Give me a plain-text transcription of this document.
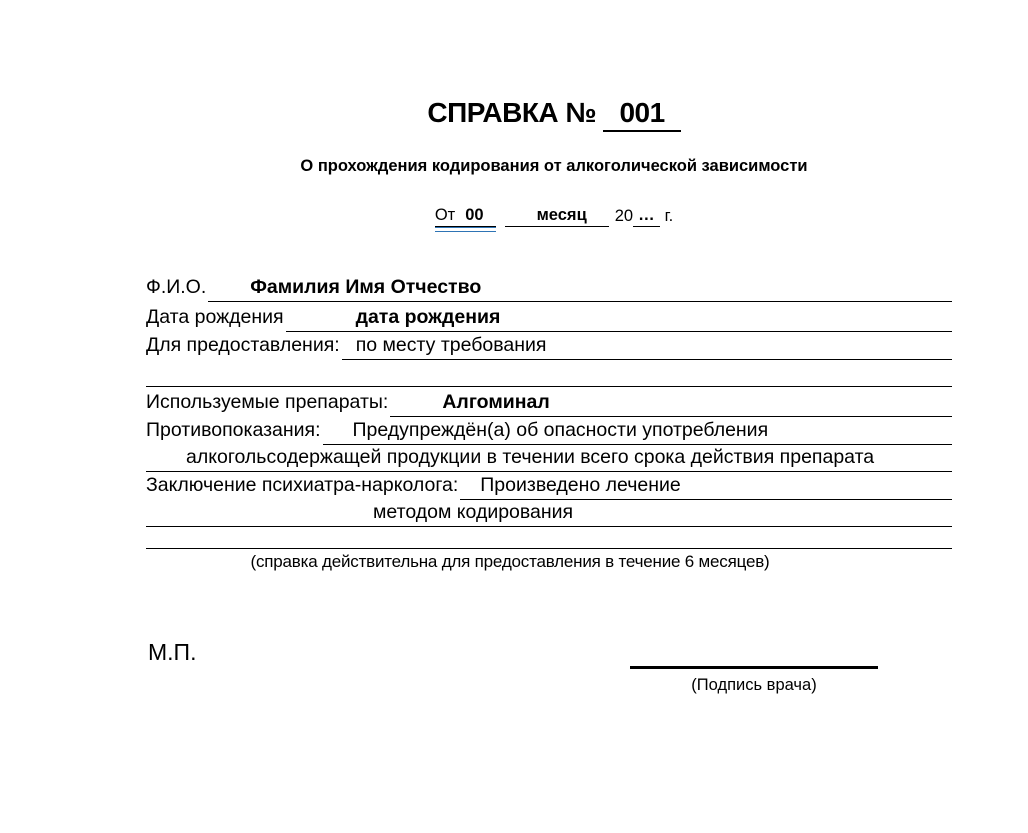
СПРАВКА № 001
О прохождения кодирования от алкоголической зависимости
От 00	месяц 20 … г.
Ф.И.О. Фамилия Имя Отчество
Дата рождения	дата рождения
Для предоставления: по месту требования
Используемые препараты:	Алгоминал
Противопоказания: Предупреждён(а) об опасности употребления
алкогольсодержащей продукции в течении всего срока действия препарата
Заключение психиатра-нарколога: Произведено лечение
методом кодирования
(справка действительна для предоставления в течение 6 месяцев)
М.П.
(Подпись врача)
